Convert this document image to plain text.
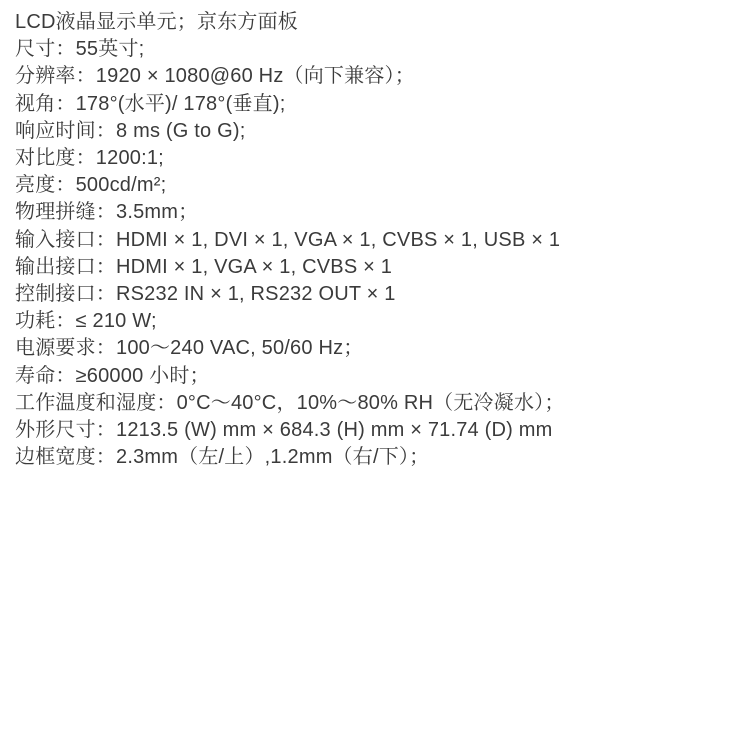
LCD液晶显示单元；京东方面板
尺寸：55英寸;
分辨率：1920 × 1080@60 Hz（向下兼容）；
视角：178°(水平)/ 178°(垂直);
响应时间：8 ms (G to G);
对比度：1200:1;
亮度：500cd/m²;
物理拼缝：3.5mm；
输入接口：HDMI × 1, DVI × 1, VGA × 1, CVBS × 1, USB × 1
输出接口：HDMI × 1, VGA × 1, CVBS × 1
控制接口：RS232 IN × 1, RS232 OUT × 1
功耗：≤ 210 W;
电源要求：100～240 VAC, 50/60 Hz；
寿命：≥60000 小时；
工作温度和湿度：0°C～40°C，10%～80% RH（无冷凝水）；
外形尺寸：1213.5 (W) mm × 684.3 (H) mm × 71.74 (D) mm
边框宽度：2.3mm（左/上）,1.2mm（右/下）；
